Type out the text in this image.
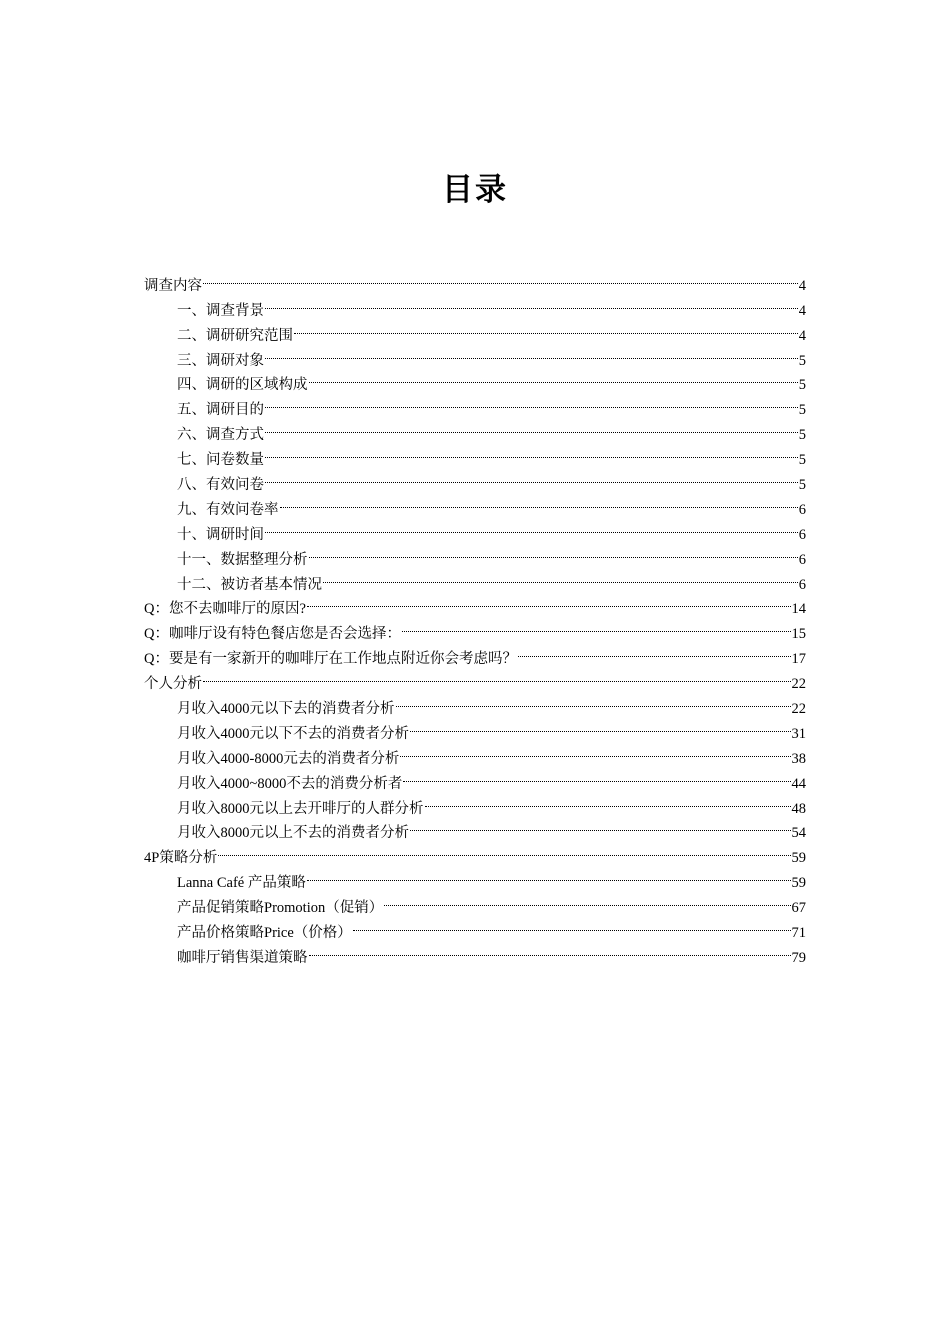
目录
调查内容	4
一、调查背景	4
二、调研研究范围	4
三、调研对象	5
四、调研的区域构成	5
五、调研目的	5
六、调查方式	5
七、问卷数量	5
八、有效问卷	5
九、有效问卷率	6
十、调研时间	6
十一、数据整理分析	6
十二、被访者基本情况	6
Q：您不去咖啡厅的原因?	14
Q：咖啡厅设有特色餐店您是否会选择：	15
Q：要是有一家新开的咖啡厅在工作地点附近你会考虑吗？	17
个人分析	22
月收入4000元以下去的消费者分析	22
月收入4000元以下不去的消费者分析	31
月收入4000-8000元去的消费者分析	38
月收入4000~8000不去的消费分析者	44
月收入8000元以上去开啡厅的人群分析	48
月收入8000元以上不去的消费者分析	54
4P策略分析	59
Lanna Café 产品策略	59
产品促销策略Promotion（促销）	67
产品价格策略Price（价格）	71
咖啡厅销售渠道策略	79
